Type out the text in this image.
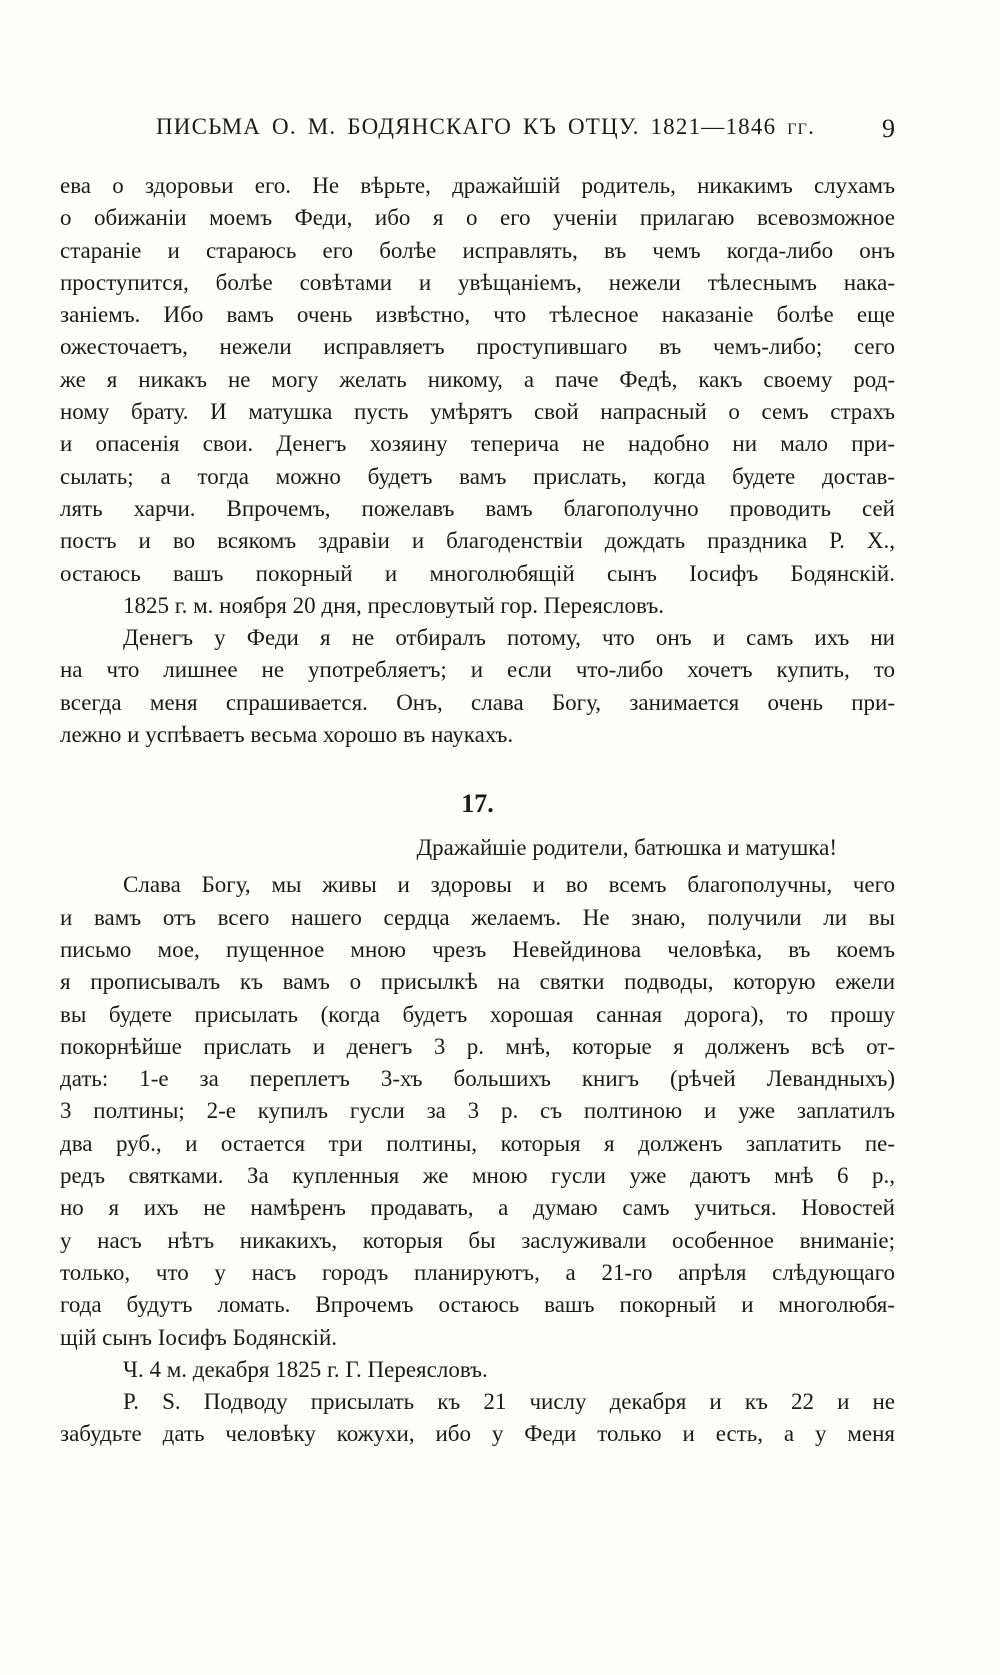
ПИСЬМА О. М. БОДЯНСКАГО КЪ ОТЦУ. 1821—1846 гг.	9
ева о здоровьи его. Не вѣрьте, дражайшій родитель, никакимъ слухамъ
о обижаніи моемъ Феди, ибо я о его ученіи прилагаю всевозможное
стараніе и стараюсь его болѣе исправлять, въ чемъ когда-либо онъ
проступится, болѣе совѣтами и увѣщаніемъ, нежели тѣлеснымъ нака-
заніемъ. Ибо вамъ очень извѣстно, что тѣлесное наказаніе болѣе еще
ожесточаетъ, нежели исправляетъ проступившаго въ чемъ-либо; сего
же я никакъ не могу желать никому, а паче Федѣ, какъ своему род-
ному брату. И матушка пусть умѣрятъ свой напрасный о семъ страхъ
и опасенія свои. Денегъ хозяину теперича не надобно ни мало при-
сылать; а тогда можно будетъ вамъ прислать, когда будете достав-
лять харчи. Впрочемъ, пожелавъ вамъ благополучно проводить сей
постъ и во всякомъ здравіи и благоденствіи дождать праздника Р. Х.,
остаюсь вашъ покорный и многолюбящій сынъ Іосифъ Бодянскій.
1825 г. м. ноября 20 дня, пресловутый гор. Переясловъ.
Денегъ у Феди я не отбиралъ потому, что онъ и самъ ихъ ни
на что лишнее не употребляетъ; и если что-либо хочетъ купить, то
всегда меня спрашивается. Онъ, слава Богу, занимается очень при-
лежно и успѣваетъ весьма хорошо въ наукахъ.
17.
Дражайшіе родители, батюшка и матушка!
Слава Богу, мы живы и здоровы и во всемъ благополучны, чего
и вамъ отъ всего нашего сердца желаемъ. Не знаю, получили ли вы
письмо мое, пущенное мною чрезъ Невейдинова человѣка, въ коемъ
я прописывалъ къ вамъ о присылкѣ на святки подводы, которую ежели
вы будете присылать (когда будетъ хорошая санная дорога), то прошу
покорнѣйше прислать и денегъ 3 р. мнѣ, которые я долженъ всѣ от-
дать: 1-е за переплетъ 3-хъ большихъ книгъ (рѣчей Левандныхъ)
3 полтины; 2-е купилъ гусли за 3 р. съ полтиною и уже заплатилъ
два руб., и остается три полтины, которыя я долженъ заплатить пе-
редъ святками. За купленныя же мною гусли уже даютъ мнѣ 6 р.,
но я ихъ не намѣренъ продавать, а думаю самъ учиться. Новостей
у насъ нѣтъ никакихъ, которыя бы заслуживали особенное вниманіе;
только, что у насъ городъ планируютъ, а 21-го апрѣля слѣдующаго
года будутъ ломать. Впрочемъ остаюсь вашъ покорный и многолюбя-
щій сынъ Іосифъ Бодянскій.
Ч. 4 м. декабря 1825 г. Г. Переясловъ.
P. S. Подводу присылать къ 21 числу декабря и къ 22 и не
забудьте дать человѣку кожухи, ибо у Феди только и есть, а у меня
